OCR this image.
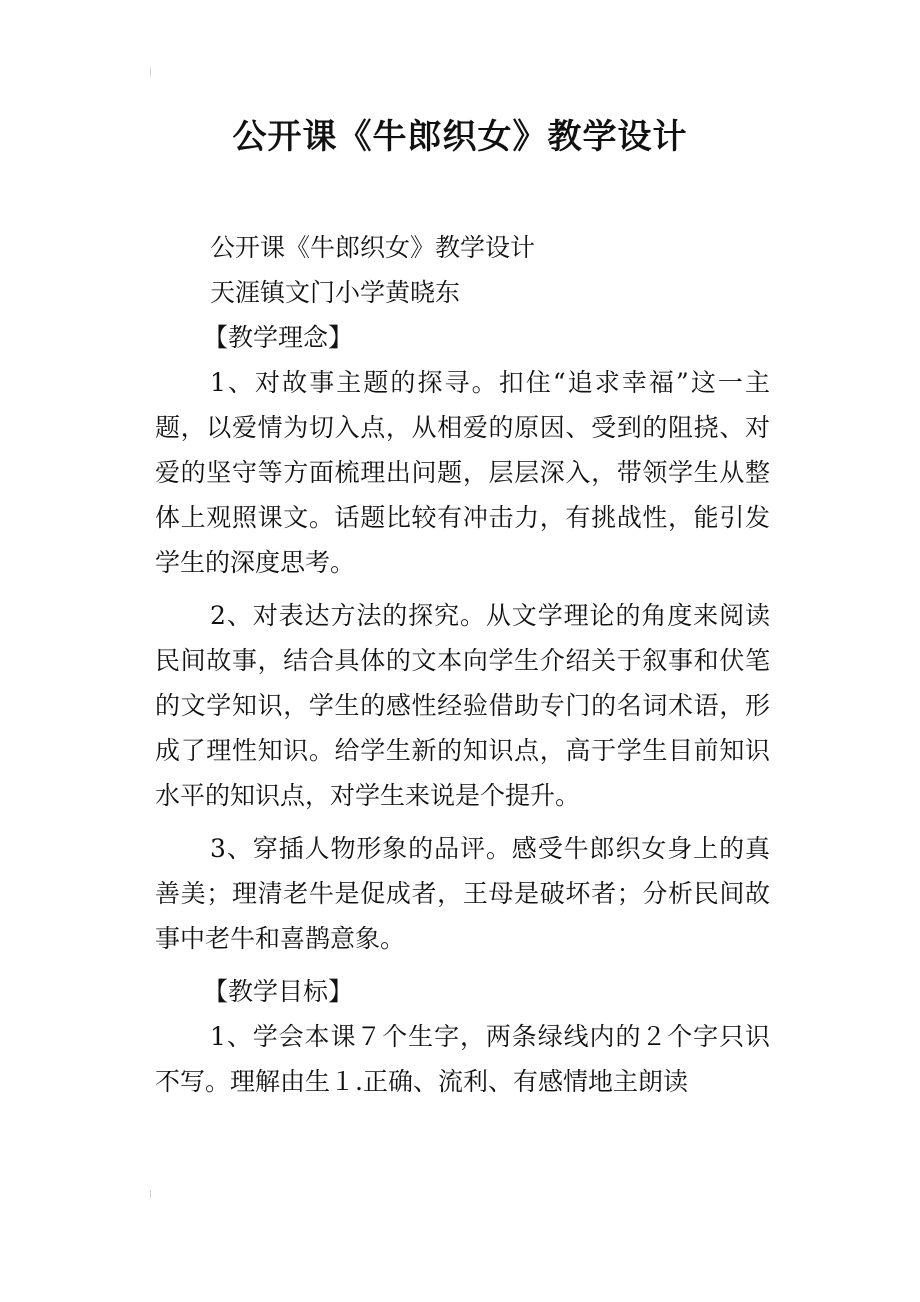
公开课《牛郎织女》教学设计

公开课《牛郎织女》教学设计

天涯镇文门小学黄晓东

【教学理念】

1、对故事主题的探寻。扣住“追求幸福”这一主题，以爱情为切入点，从相爱的原因、受到的阻挠、对爱的坚守等方面梳理出问题，层层深入，带领学生从整体上观照课文。话题比较有冲击力，有挑战性，能引发学生的深度思考。

2、对表达方法的探究。从文学理论的角度来阅读民间故事，结合具体的文本向学生介绍关于叙事和伏笔的文学知识，学生的感性经验借助专门的名词术语，形成了理性知识。给学生新的知识点，高于学生目前知识水平的知识点，对学生来说是个提升。

3、穿插人物形象的品评。感受牛郎织女身上的真善美；理清老牛是促成者，王母是破坏者；分析民间故事中老牛和喜鹊意象。

【教学目标】

1、学会本课７个生字，两条绿线内的２个字只识不写。理解由生１.正确、流利、有感情地主朗读
